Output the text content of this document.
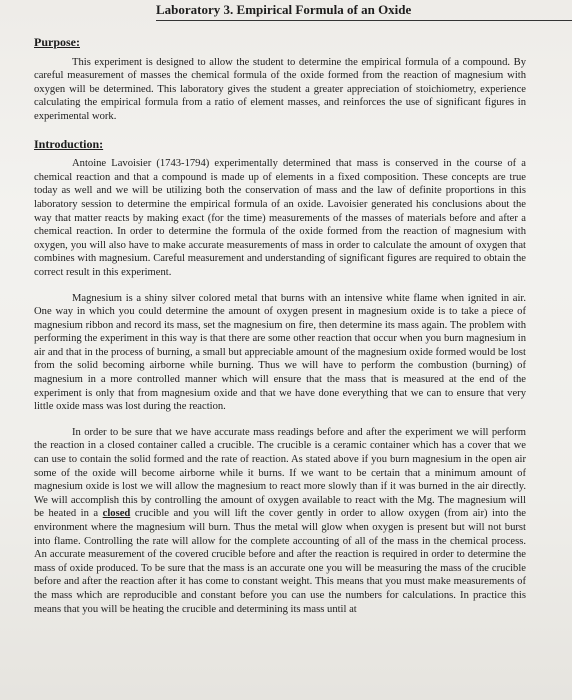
Laboratory 3. Empirical Formula of an Oxide
Purpose:

This experiment is designed to allow the student to determine the empirical formula of a compound. By careful measurement of masses the chemical formula of the oxide formed from the reaction of magnesium with oxygen will be determined. This laboratory gives the student a greater appreciation of stoichiometry, experience calculating the empirical formula from a ratio of element masses, and reinforces the use of significant figures in experimental work.

Introduction:

Antoine Lavoisier (1743-1794) experimentally determined that mass is conserved in the course of a chemical reaction and that a compound is made up of elements in a fixed composition. These concepts are true today as well and we will be utilizing both the conservation of mass and the law of definite proportions in this laboratory session to determine the empirical formula of an oxide. Lavoisier generated his conclusions about the way that matter reacts by making exact (for the time) measurements of the masses of materials before and after a chemical reaction. In order to determine the formula of the oxide formed from the reaction of magnesium with oxygen, you will also have to make accurate measurements of mass in order to calculate the amount of oxygen that combines with magnesium. Careful measurement and understanding of significant figures are required to obtain the correct result in this experiment.

Magnesium is a shiny silver colored metal that burns with an intensive white flame when ignited in air. One way in which you could determine the amount of oxygen present in magnesium oxide is to take a piece of magnesium ribbon and record its mass, set the magnesium on fire, then determine its mass again. The problem with performing the experiment in this way is that there are some other reaction that occur when you burn magnesium in air and that in the process of burning, a small but appreciable amount of the magnesium oxide formed would be lost from the solid becoming airborne while burning. Thus we will have to perform the combustion (burning) of magnesium in a more controlled manner which will ensure that the mass that is measured at the end of the experiment is only that from magnesium oxide and that we have done everything that we can to ensure that very little oxide mass was lost during the reaction.

In order to be sure that we have accurate mass readings before and after the experiment we will perform the reaction in a closed container called a crucible. The crucible is a ceramic container which has a cover that we can use to contain the solid formed and the rate of reaction. As stated above if you burn magnesium in the open air some of the oxide will become airborne while it burns. If we want to be certain that a minimum amount of magnesium oxide is lost we will allow the magnesium to react more slowly than if it was burned in the air directly. We will accomplish this by controlling the amount of oxygen available to react with the Mg. The magnesium will be heated in a closed crucible and you will lift the cover gently in order to allow oxygen (from air) into the environment where the magnesium will burn. Thus the metal will glow when oxygen is present but will not burst into flame. Controlling the rate will allow for the complete accounting of all of the mass in the chemical process. An accurate measurement of the covered crucible before and after the reaction is required in order to determine the mass of oxide produced. To be sure that the mass is an accurate one you will be measuring the mass of the crucible before and after the reaction after it has come to constant weight. This means that you must make measurements of the mass which are reproducible and constant before you can use the numbers for calculations. In practice this means that you will be heating the crucible and determining its mass until at
